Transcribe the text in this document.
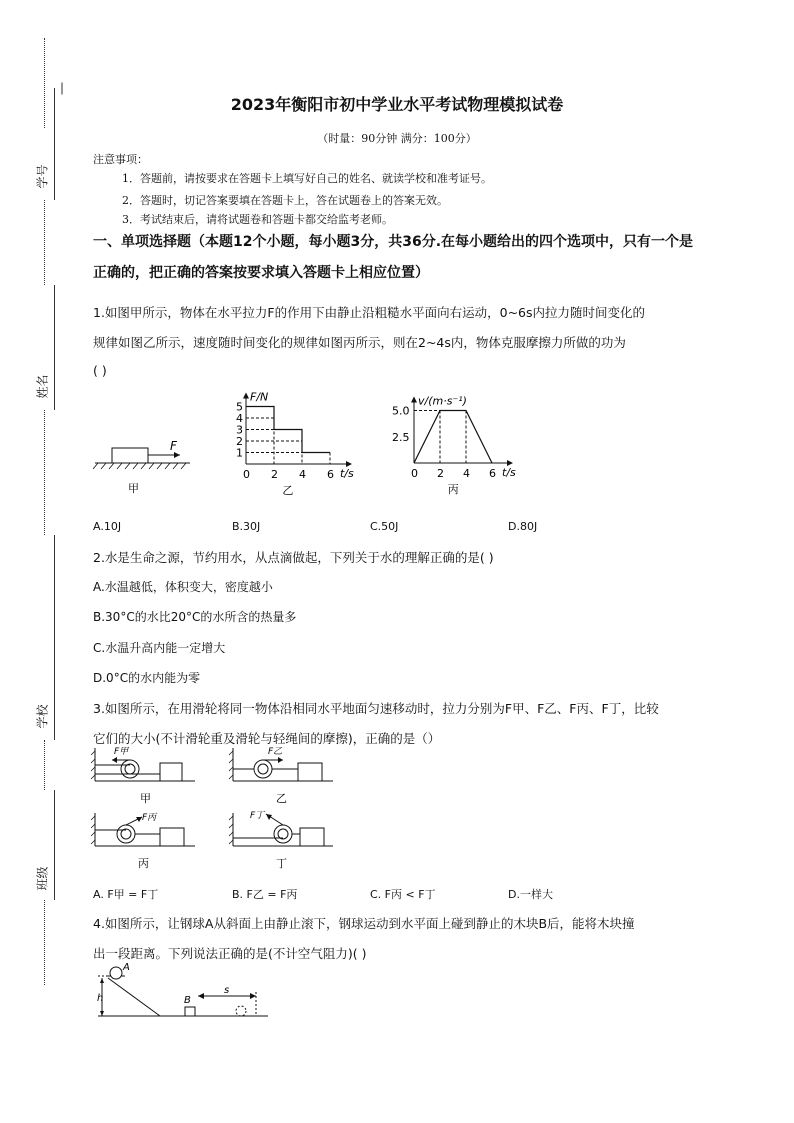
学号
姓名
学校
班级
2023年衡阳市初中学业水平考试物理模拟试卷
（时量：90分钟 满分：100分）
注意事项：
1．答题前，请按要求在答题卡上填写好自己的姓名、就读学校和准考证号。
2．答题时，切记答案要填在答题卡上，答在试题卷上的答案无效。
3．考试结束后，请将试题卷和答题卡都交给监考老师。
一、单项选择题（本题12个小题，每小题3分，共36分.在每小题给出的四个选项中，只有一个是
正确的，把正确的答案按要求填入答题卡上相应位置）
1.如图甲所示，物体在水平拉力F的作用下由静止沿粗糙水平面向右运动，0~6s内拉力随时间变化的
规律如图乙所示，速度随时间变化的规律如图丙所示，则在2~4s内，物体克服摩擦力所做的功为
( )
F
甲
F/N
t/s
0 2 4 6
1
2
3
4
5
乙
v/(m·s⁻¹)
t/s
0 2 4 6
2.5
5.0
丙
A.10J	B.30J	C.50J	D.80J
2.水是生命之源，节约用水，从点滴做起，下列关于水的理解正确的是( )
A.水温越低，体积变大，密度越小
B.30°C的水比20°C的水所含的热量多
C.水温升高内能一定增大
D.0°C的水内能为零
3.如图所示，在用滑轮将同一物体沿相同水平地面匀速移动时，拉力分别为F甲、F乙、F丙、F丁，比较
它们的大小(不计滑轮重及滑轮与轻绳间的摩擦)，正确的是（）
F甲
甲
F乙
乙
F丙
丙
F丁
丁
A. F甲 = F丁	B. F乙 = F丙	C. F丙 < F丁	D.一样大
4.如图所示，让钢球A从斜面上由静止滚下，钢球运动到水平面上碰到静止的木块B后，能将木块撞
出一段距离。下列说法正确的是(不计空气阻力)( )
h
A
B
s
